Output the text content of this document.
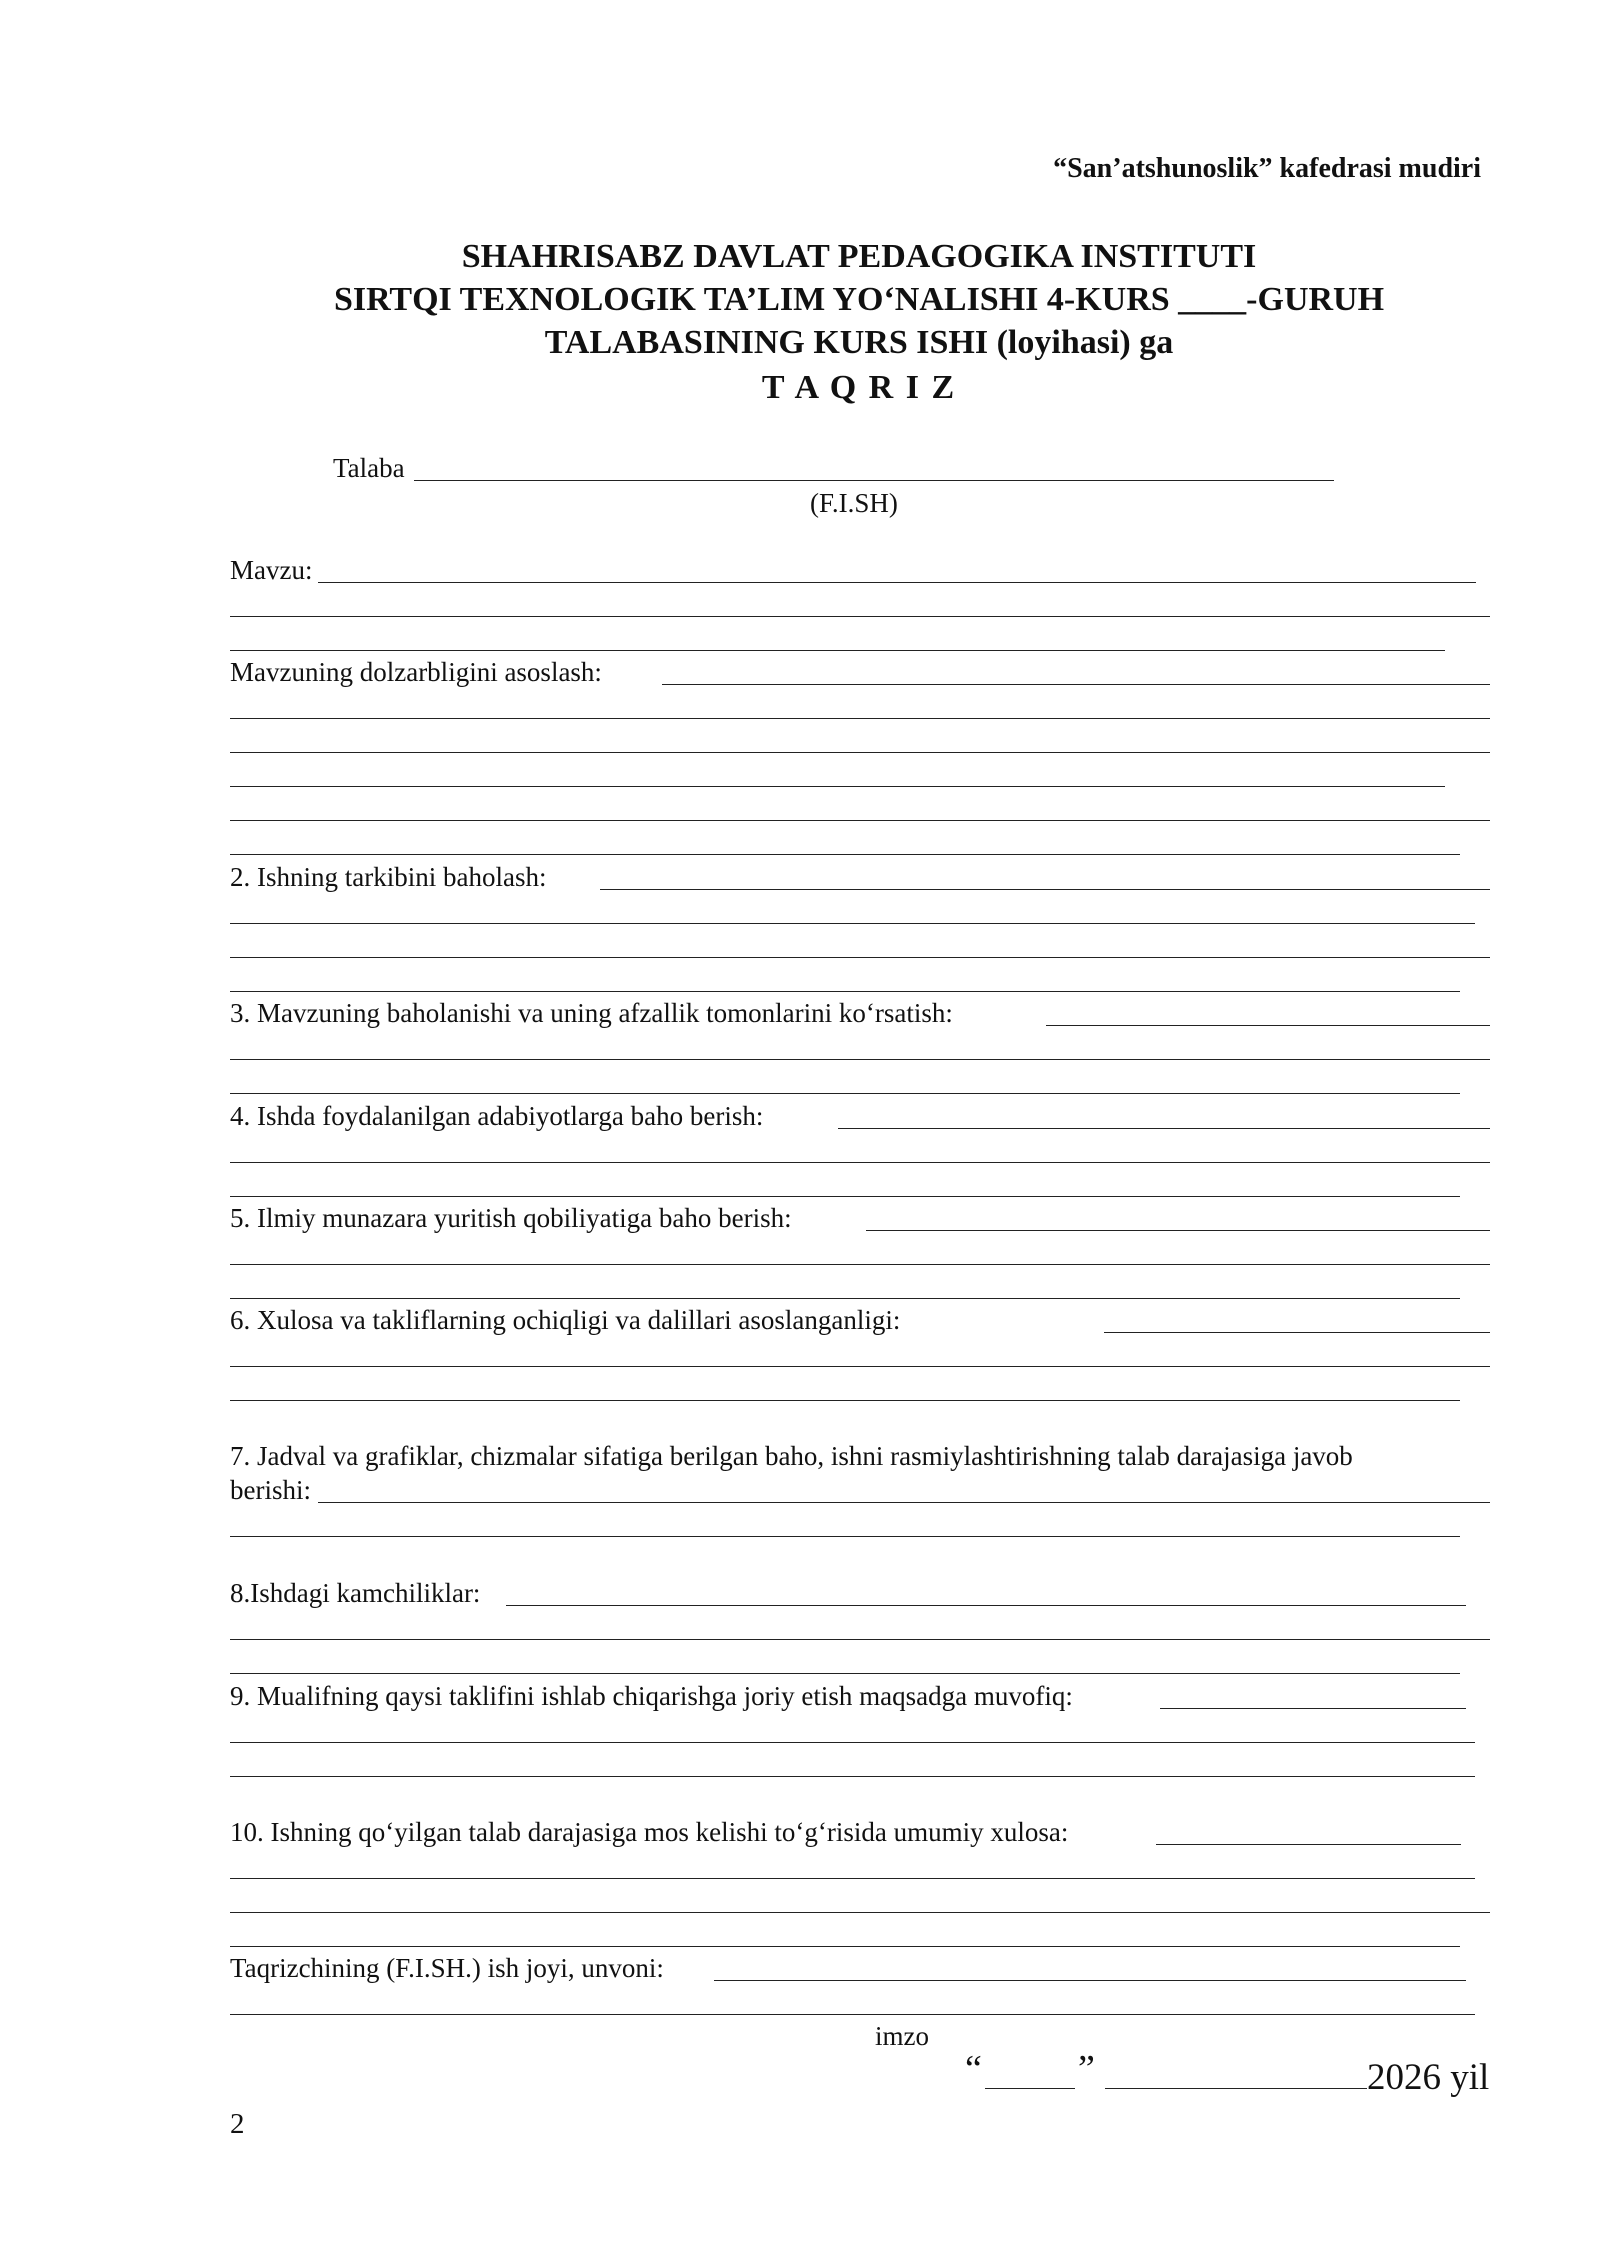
“San’atshunoslik” kafedrasi mudiri
SHAHRISABZ DAVLAT PEDAGOGIKA INSTITUTI
SIRTQI TEXNOLOGIK TA’LIM YO‘NALISHI 4-KURS ____-GURUH
TALABASINING KURS ISHI (loyihasi) ga
T A Q R I Z
Talaba
(F.I.SH)
Mavzu:
Mavzuning dolzarbligini asoslash:
2. Ishning tarkibini baholash:
3. Mavzuning baholanishi va uning afzallik tomonlarini ko‘rsatish:
4. Ishda foydalanilgan adabiyotlarga baho berish:
5. Ilmiy munazara yuritish qobiliyatiga baho berish:
6. Xulosa va takliflarning ochiqligi va dalillari asoslanganligi:
7. Jadval va grafiklar, chizmalar sifatiga berilgan baho, ishni rasmiylashtirishning talab darajasiga javob
berishi:
8.Ishdagi kamchiliklar:
9. Mualifning qaysi taklifini ishlab chiqarishga joriy etish maqsadga muvofiq:
10. Ishning qo‘yilgan talab darajasiga mos kelishi to‘g‘risida umumiy xulosa:
Taqrizchining (F.I.SH.) ish joyi, unvoni:
imzo
“	”	2026 yil
2
